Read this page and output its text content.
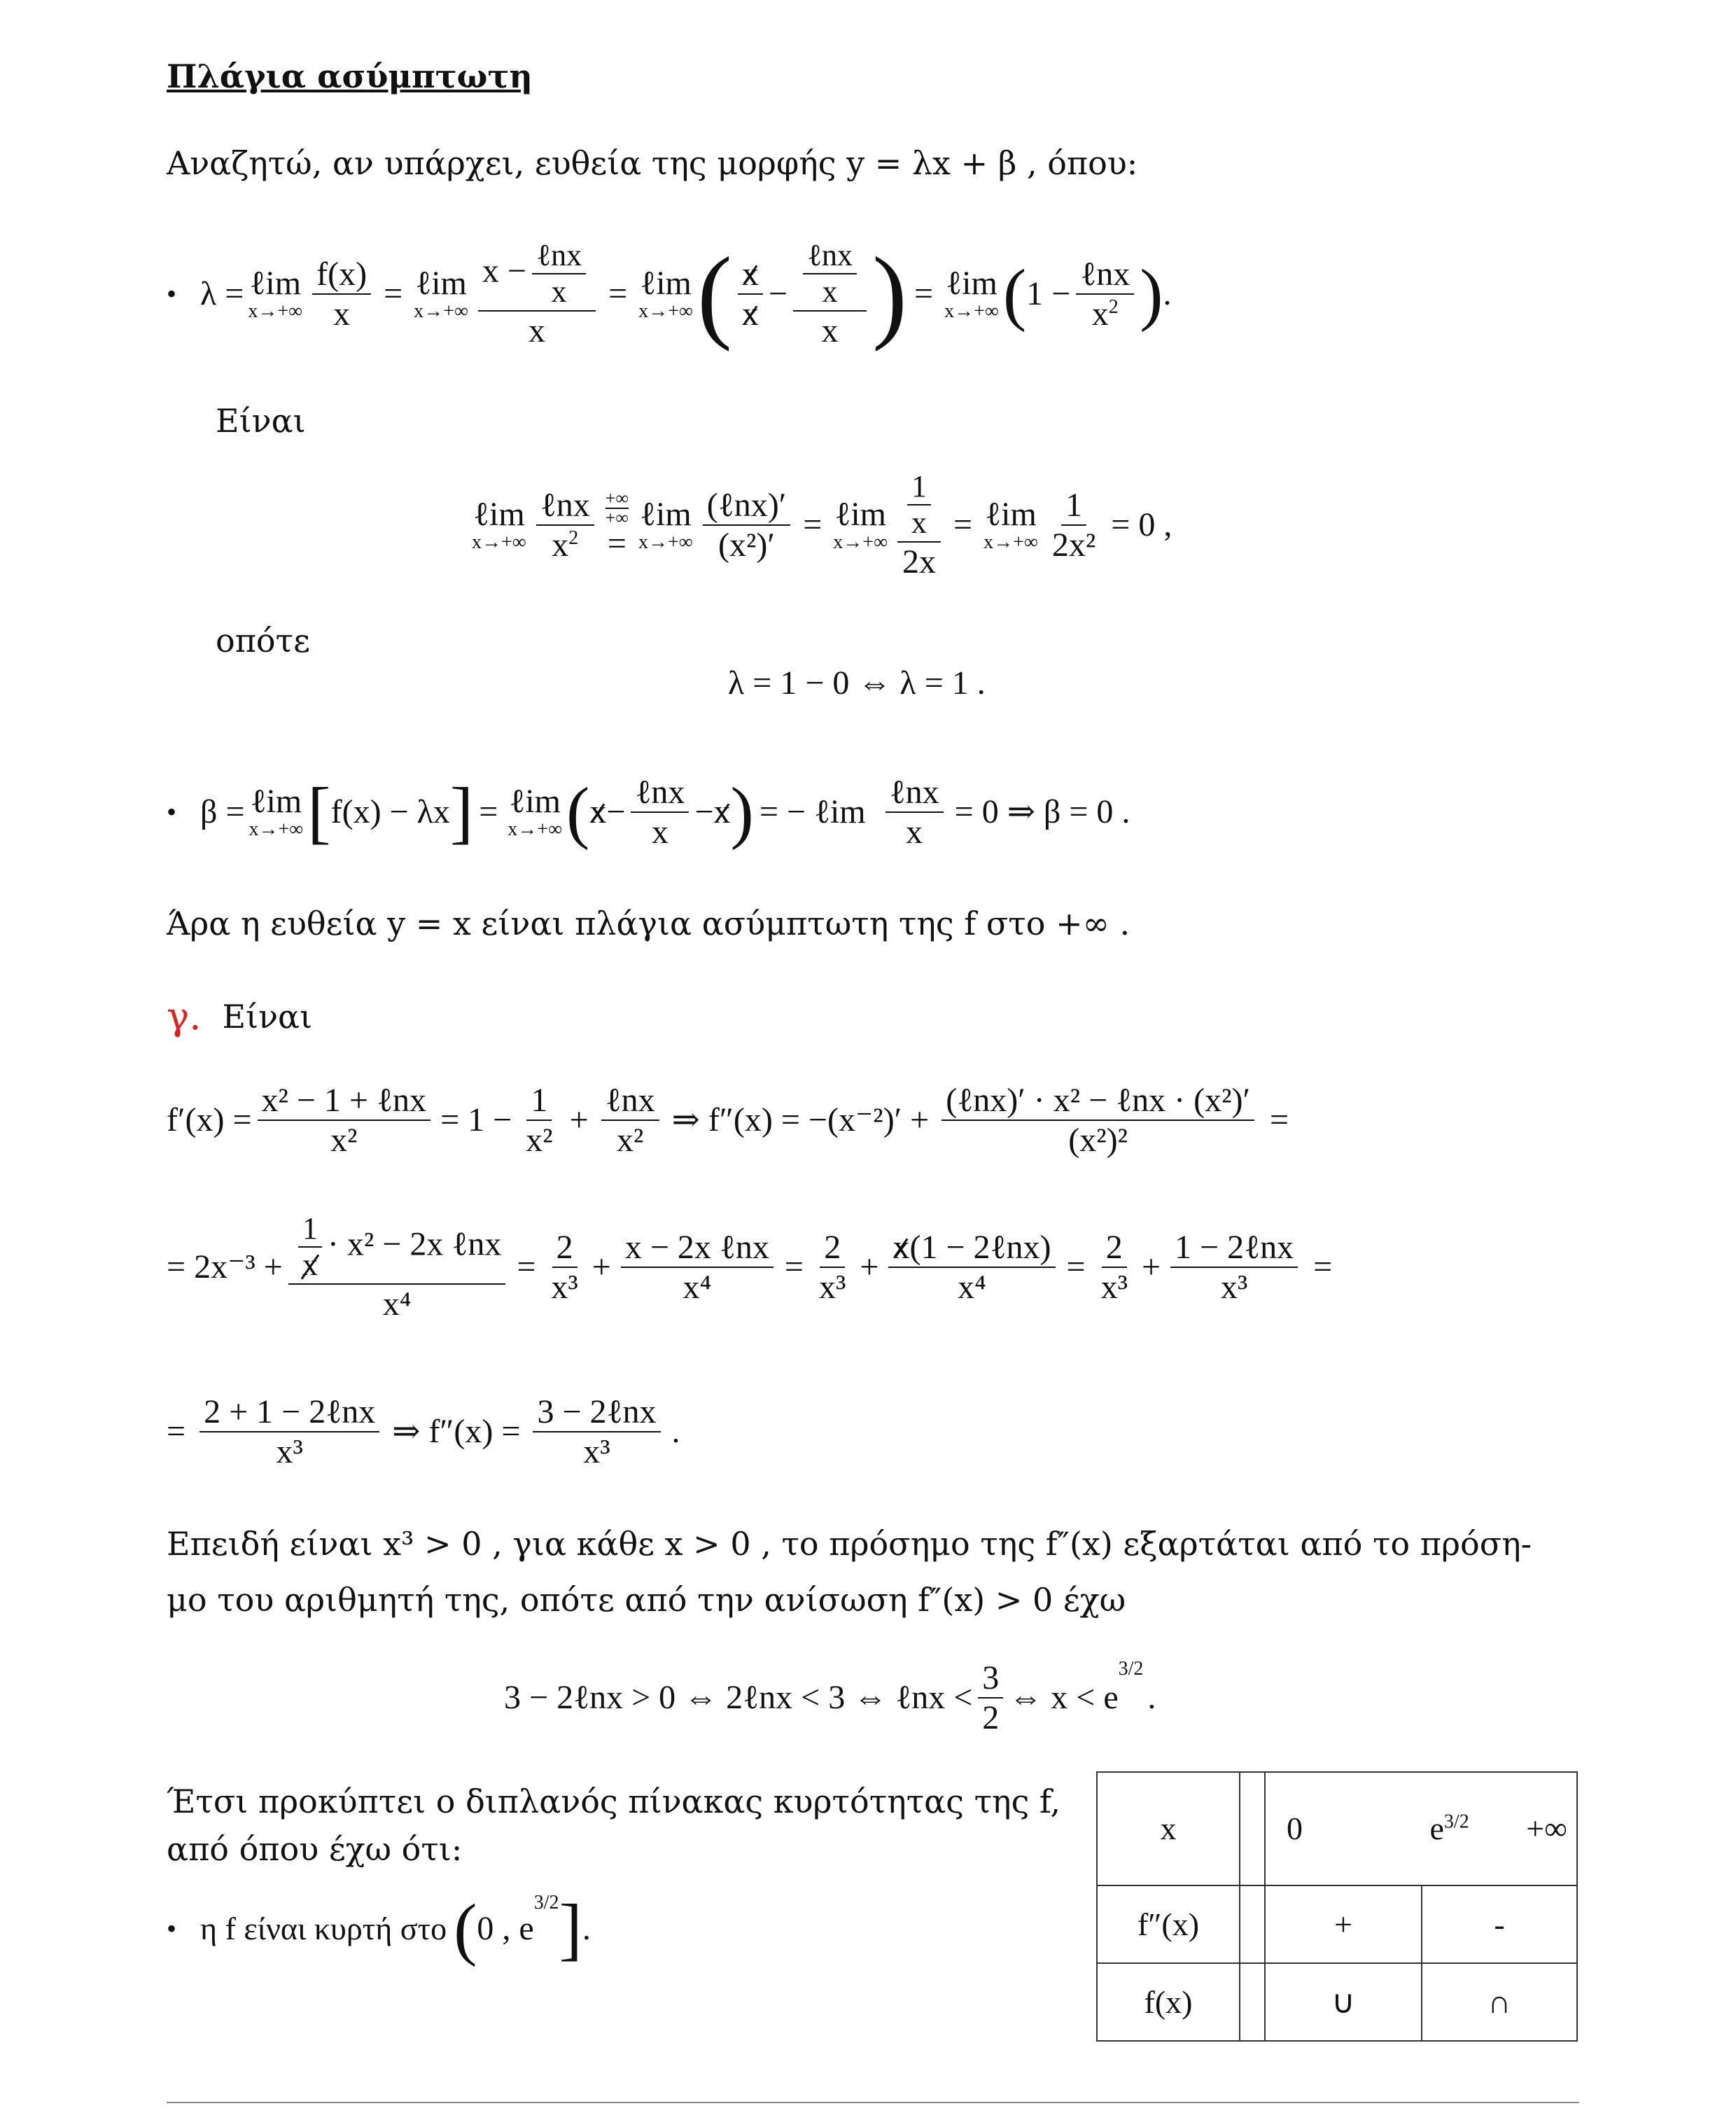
Πλάγια ασύμπτωτη
Αναζητώ, αν υπάρχει, ευθεία της μορφής y = λx + β , όπου:
• λ = ℓim
$x\to+\infty \frac{f(x)}{x}$ = ℓim
$x\to+\infty \frac{x - \frac{\text{ℓnx}}{x}}{x}$ = ℓim
x→+∞ ( $\frac{x}{x} - \frac{\frac{\text{ℓnx}}{x}}{x}$ ) = ℓim
x→+∞ ( $1 - \frac{\text{ℓnx}}{x^2}$ ) .
Είναι
ℓim
$x\to+\infty \frac{\text{ℓnx}}{x^2}$ +∞
+∞
=
ℓim
$x\to+\infty \frac{\text{(ℓnx)′}}{\text{(x²)′}}$ = ℓim
$x\to+\infty \frac{\frac{1}{x}}{2x}$ = ℓim
$x\to+\infty \frac{1}{\text{2x²}} = 0$ ,
οπότε
λ = 1 − 0 ⇔ λ = 1 .
• β = ℓim
x→+∞ [ f(x) − λx ] = ℓim
x→+∞ ( $x - \frac{\text{ℓnx}}{x} - x$ ) = − ℓim $\frac{\text{ℓnx}}{x} = 0$ ⇒ β = 0 .
Άρα η ευθεία y = x είναι πλάγια ασύμπτωτη της f στο +∞ .
γ. Είναι
$f'(x) = \frac{\text{x² − 1 + ℓnx}}{\text{x²}} = 1 - \frac{1}{\text{x²}} + \frac{\text{ℓnx}}{\text{x²}}$ ⇒ $f''(x) = -(x^{-2})' + \frac{\text{(ℓnx)′ · x² − ℓnx · (x²)′}}{\text{(x²)²}}$ =
= $2x^{-3} + \frac{\frac{1}{x} \cdot x^2 - 2x \ell nx}{\text{x⁴}} = \frac{2}{\text{x³}} + \frac{\text{x − 2x ℓnx}}{\text{x⁴}} = \frac{2}{\text{x³}} + \frac{\text{x(1 − 2ℓnx)}}{\text{x⁴}} = \frac{2}{\text{x³}} + \frac{\text{1 − 2ℓnx}}{\text{x³}}$ =
= $\frac{\text{2 + 1 − 2ℓnx}}{\text{x³}}$ ⇒ $f''(x) = \frac{\text{3 − 2ℓnx}}{\text{x³}}$ .
Επειδή είναι x³ > 0 , για κάθε x > 0 , το πρόσημο της f″(x) εξαρτάται από το πρόση-
μο του αριθμητή της, οπότε από την ανίσωση f″(x) > 0 έχω
3 − 2ℓnx > 0 ⇔ 2ℓnx < 3 ⇔ ℓnx < $\frac{3}{2}$ ⇔ x < e
3/2
.
Έτσι προκύπτει ο διπλανός πίνακας κυρτότητας της f,
από όπου έχω ότι:
• η f είναι κυρτή στο ( 0 , e
$^{3/2}$ ] .
x		0 $e^{3/2}$ +∞	
f″(x)		+	-
f(x)		∪	∩
